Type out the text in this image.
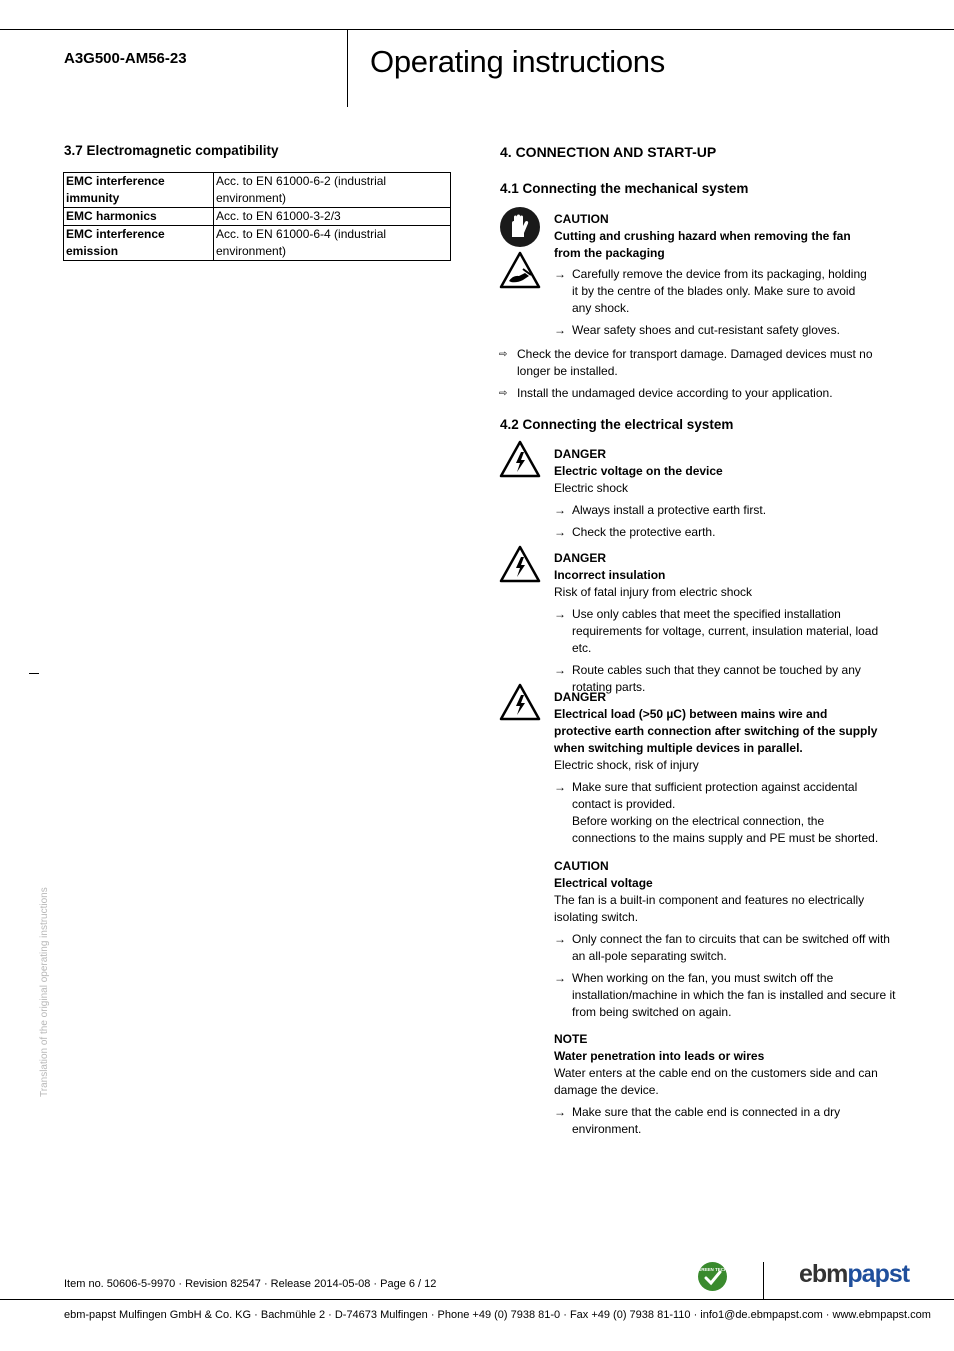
A3G500-AM56-23	Operating instructions
3.7 Electromagnetic compatibility
EMC interference immunity	Acc. to EN 61000-6-2 (industrial environment)
EMC harmonics	Acc. to EN 61000-3-2/3
EMC interference emission	Acc. to EN 61000-6-4 (industrial environment)
4. CONNECTION AND START-UP
4.1 Connecting the mechanical system
CAUTION
Cutting and crushing hazard when removing the fan from the packaging
→ Carefully remove the device from its packaging, holding it by the centre of the blades only. Make sure to avoid any shock.
→ Wear safety shoes and cut-resistant safety gloves.
⇨ Check the device for transport damage. Damaged devices must no longer be installed.
⇨ Install the undamaged device according to your application.
4.2 Connecting the electrical system
DANGER
Electric voltage on the device
Electric shock
→ Always install a protective earth first.
→ Check the protective earth.
DANGER
Incorrect insulation
Risk of fatal injury from electric shock
→ Use only cables that meet the specified installation requirements for voltage, current, insulation material, load etc.
→ Route cables such that they cannot be touched by any rotating parts.
DANGER
Electrical load (>50 µC) between mains wire and protective earth connection after switching of the supply when switching multiple devices in parallel.
Electric shock, risk of injury
→ Make sure that sufficient protection against accidental contact is provided.
Before working on the electrical connection, the connections to the mains supply and PE must be shorted.
CAUTION
Electrical voltage
The fan is a built-in component and features no electrically isolating switch.
→ Only connect the fan to circuits that can be switched off with an all-pole separating switch.
→ When working on the fan, you must switch off the installation/machine in which the fan is installed and secure it from being switched on again.
NOTE
Water penetration into leads or wires
Water enters at the cable end on the customers side and can damage the device.
→ Make sure that the cable end is connected in a dry environment.
Translation of the original operating instructions
Item no. 50606-5-9970 · Revision 82547 · Release 2014-05-08 · Page 6 / 12
GREEN TECH	ebmpapst
ebm-papst Mulfingen GmbH & Co. KG · Bachmühle 2 · D-74673 Mulfingen · Phone +49 (0) 7938 81-0 · Fax +49 (0) 7938 81-110 · info1@de.ebmpapst.com · www.ebmpapst.com
